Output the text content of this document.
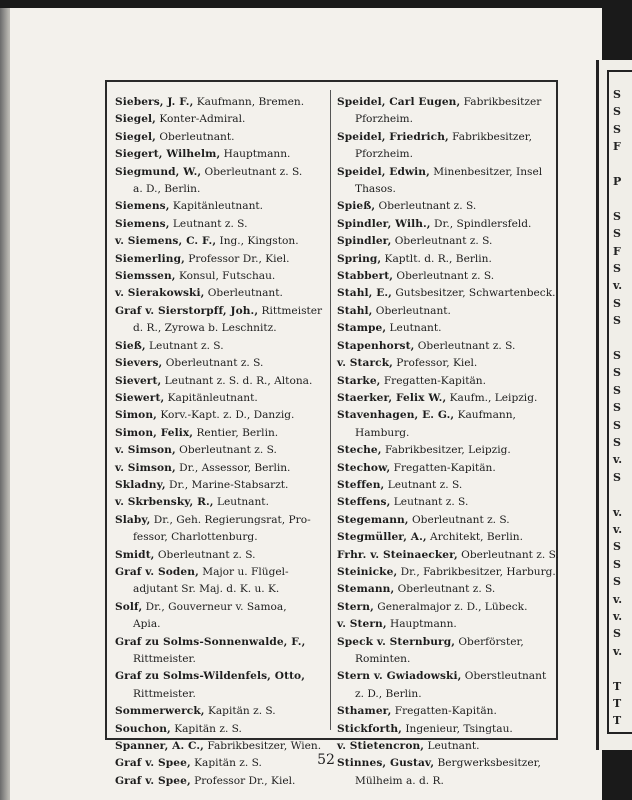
S
S
S
F
P
S
S
F
S
v.
S
S
S
S
S
S
S
S
v.
S
v.
v.
S
S
S
v.
v.
S
v.
T
T
T
Siebers, J. F., Kaufmann, Bremen.
Siegel, Konter-Admiral.
Siegel, Oberleutnant.
Siegert, Wilhelm, Hauptmann.
Siegmund, W., Oberleutnant z. S.
a. D., Berlin.
Siemens, Kapitänleutnant.
Siemens, Leutnant z. S.
v. Siemens, C. F., Ing., Kingston.
Siemerling, Professor Dr., Kiel.
Siemssen, Konsul, Futschau.
v. Sierakowski, Oberleutnant.
Graf v. Sierstorpff, Joh., Rittmeister
d. R., Zyrowa b. Leschnitz.
Sieß, Leutnant z. S.
Sievers, Oberleutnant z. S.
Sievert, Leutnant z. S. d. R., Altona.
Siewert, Kapitänleutnant.
Simon, Korv.-Kapt. z. D., Danzig.
Simon, Felix, Rentier, Berlin.
v. Simson, Oberleutnant z. S.
v. Simson, Dr., Assessor, Berlin.
Skladny, Dr., Marine-Stabsarzt.
v. Skrbensky, R., Leutnant.
Slaby, Dr., Geh. Regierungsrat, Pro-
fessor, Charlottenburg.
Smidt, Oberleutnant z. S.
Graf v. Soden, Major u. Flügel-
adjutant Sr. Maj. d. K. u. K.
Solf, Dr., Gouverneur v. Samoa,
Apia.
Graf zu Solms-Sonnenwalde, F.,
Rittmeister.
Graf zu Solms-Wildenfels, Otto,
Rittmeister.
Sommerwerck, Kapitän z. S.
Souchon, Kapitän z. S.
Spanner, A. C., Fabrikbesitzer, Wien.
Graf v. Spee, Kapitän z. S.
Graf v. Spee, Professor Dr., Kiel.
Speidel, Carl Eugen, Fabrikbesitzer
Pforzheim.
Speidel, Friedrich, Fabrikbesitzer,
Pforzheim.
Speidel, Edwin, Minenbesitzer, Insel
Thasos.
Spieß, Oberleutnant z. S.
Spindler, Wilh., Dr., Spindlersfeld.
Spindler, Oberleutnant z. S.
Spring, Kaptlt. d. R., Berlin.
Stabbert, Oberleutnant z. S.
Stahl, E., Gutsbesitzer, Schwartenbeck.
Stahl, Oberleutnant.
Stampe, Leutnant.
Stapenhorst, Oberleutnant z. S.
v. Starck, Professor, Kiel.
Starke, Fregatten-Kapitän.
Staerker, Felix W., Kaufm., Leipzig.
Stavenhagen, E. G., Kaufmann,
Hamburg.
Steche, Fabrikbesitzer, Leipzig.
Stechow, Fregatten-Kapitän.
Steffen, Leutnant z. S.
Steffens, Leutnant z. S.
Stegemann, Oberleutnant z. S.
Stegmüller, A., Architekt, Berlin.
Frhr. v. Steinaecker, Oberleutnant z. S.
Steinicke, Dr., Fabrikbesitzer, Harburg.
Stemann, Oberleutnant z. S.
Stern, Generalmajor z. D., Lübeck.
v. Stern, Hauptmann.
Speck v. Sternburg, Oberförster,
Rominten.
Stern v. Gwiadowski, Oberstleutnant
z. D., Berlin.
Sthamer, Fregatten-Kapitän.
Stickforth, Ingenieur, Tsingtau.
v. Stietencron, Leutnant.
Stinnes, Gustav, Bergwerksbesitzer,
Mülheim a. d. R.
52
